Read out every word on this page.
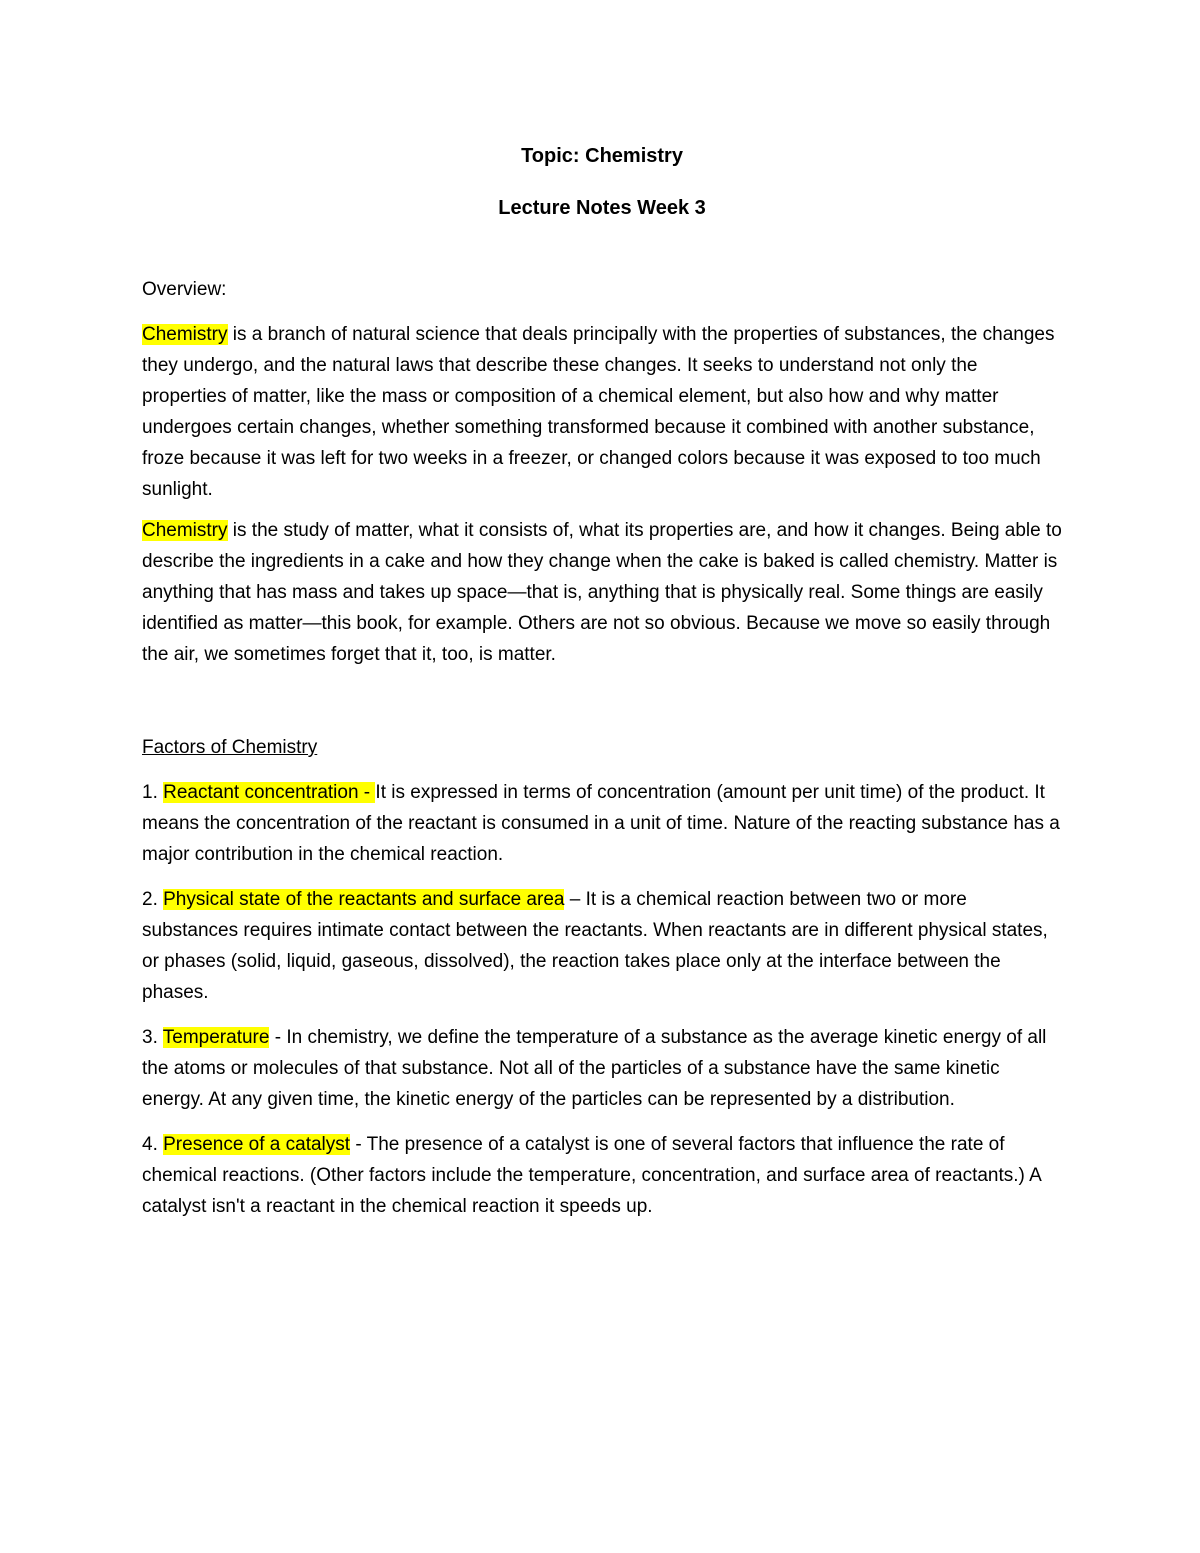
Topic: Chemistry
Lecture Notes Week 3
Overview:

Chemistry is a branch of natural science that deals principally with the properties of substances, the changes they undergo, and the natural laws that describe these changes. It seeks to understand not only the properties of matter, like the mass or composition of a chemical element, but also how and why matter undergoes certain changes, whether something transformed because it combined with another substance, froze because it was left for two weeks in a freezer, or changed colors because it was exposed to too much sunlight.

Chemistry is the study of matter, what it consists of, what its properties are, and how it changes. Being able to describe the ingredients in a cake and how they change when the cake is baked is called chemistry. Matter is anything that has mass and takes up space—that is, anything that is physically real. Some things are easily identified as matter—this book, for example. Others are not so obvious. Because we move so easily through the air, we sometimes forget that it, too, is matter.

Factors of Chemistry

1. Reactant concentration - It is expressed in terms of concentration (amount per unit time) of the product. It means the concentration of the reactant is consumed in a unit of time. Nature of the reacting substance has a major contribution in the chemical reaction.

2. Physical state of the reactants and surface area – It is a chemical reaction between two or more substances requires intimate contact between the reactants. When reactants are in different physical states, or phases (solid, liquid, gaseous, dissolved), the reaction takes place only at the interface between the phases.

3. Temperature - In chemistry, we define the temperature of a substance as the average kinetic energy of all the atoms or molecules of that substance. Not all of the particles of a substance have the same kinetic energy. At any given time, the kinetic energy of the particles can be represented by a distribution.

4. Presence of a catalyst - The presence of a catalyst is one of several factors that influence the rate of chemical reactions. (Other factors include the temperature, concentration, and surface area of reactants.) A catalyst isn't a reactant in the chemical reaction it speeds up.
